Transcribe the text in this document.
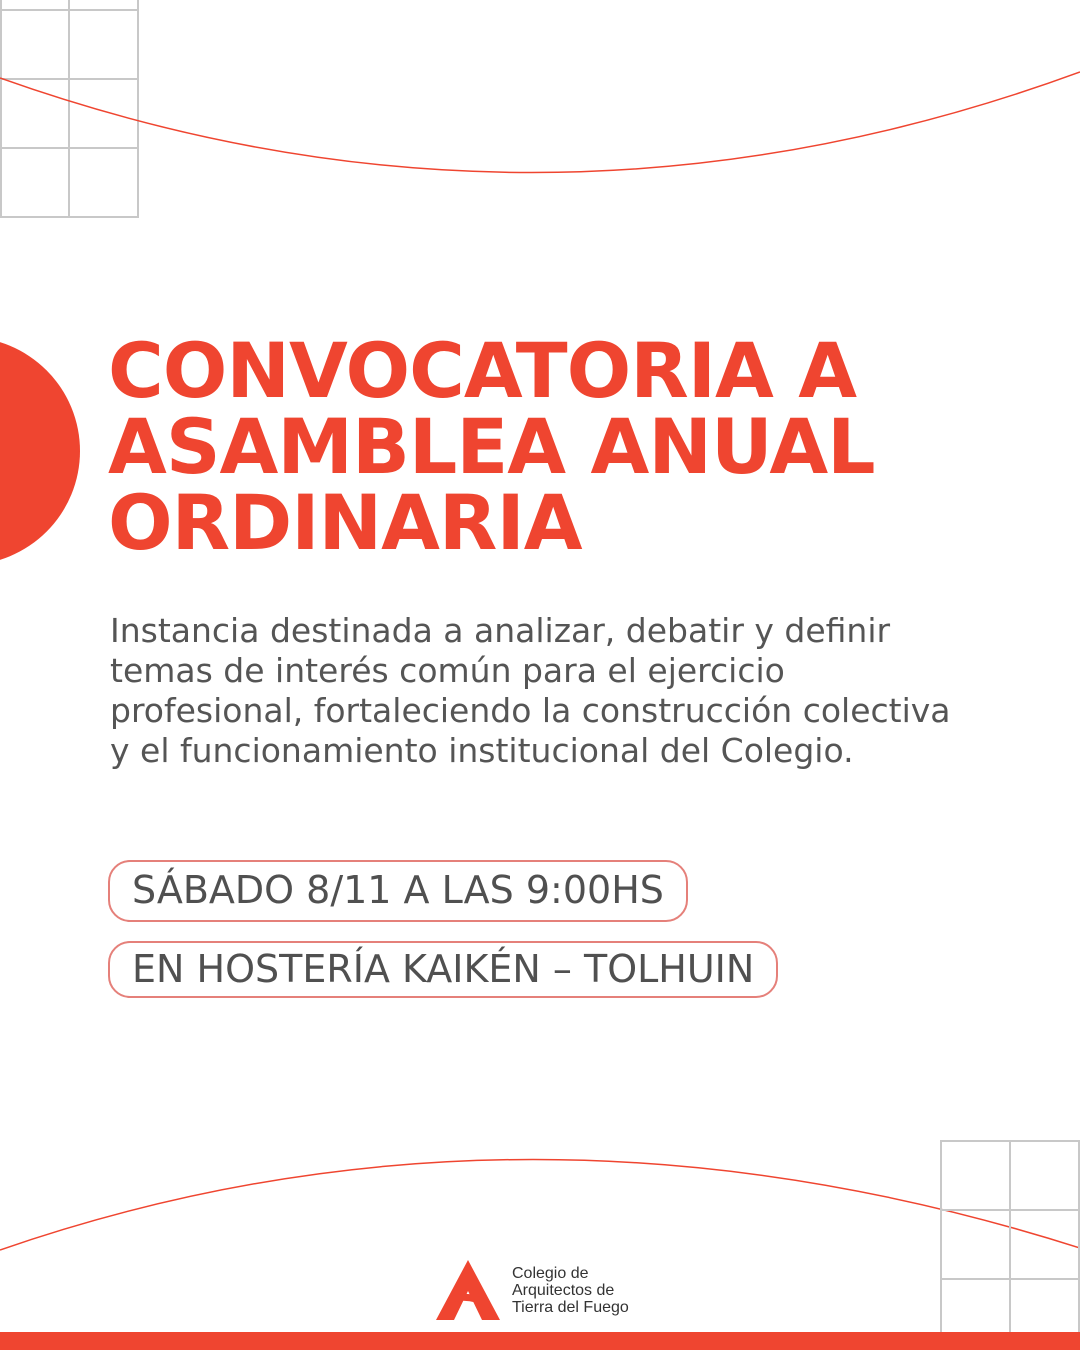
CONVOCATORIA A
ASAMBLEA ANUAL
ORDINARIA

Instancia destinada a analizar, debatir y definir temas de interés común para el ejercicio profesional, fortaleciendo la construcción colectiva y el funcionamiento institucional del Colegio.

SÁBADO 8/11 A LAS 9:00HS
EN HOSTERÍA KAIKÉN – TOLHUIN
Colegio de
Arquitectos de
Tierra del Fuego
